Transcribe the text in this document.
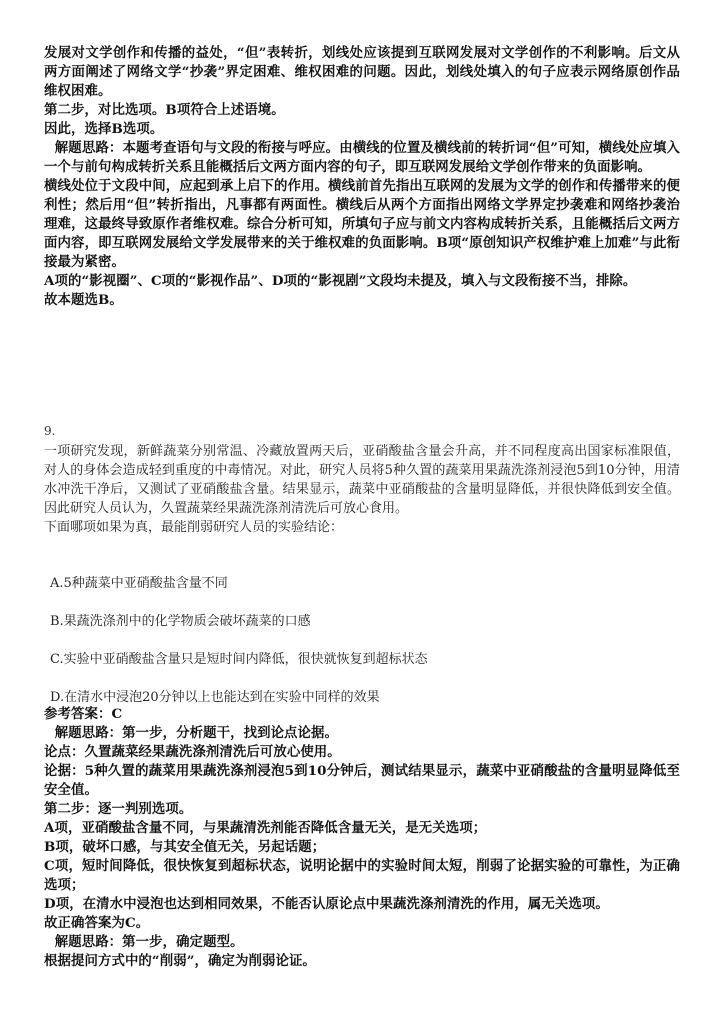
发展对文学创作和传播的益处，“但”表转折，划线处应该提到互联网发展对文学创作的不利影响。后文从两方面阐述了网络文学“抄袭”界定困难、维权困难的问题。因此，划线处填入的句子应表示网络原创作品维权困难。

第二步，对比选项。B项符合上述语境。

因此，选择B选项。

解题思路：本题考查语句与文段的衔接与呼应。由横线的位置及横线前的转折词“但”可知，横线处应填入一个与前句构成转折关系且能概括后文两方面内容的句子，即互联网发展给文学创作带来的负面影响。

横线处位于文段中间，应起到承上启下的作用。横线前首先指出互联网的发展为文学的创作和传播带来的便利性；然后用“但”转折指出，凡事都有两面性。横线后从两个方面指出网络文学界定抄袭难和网络抄袭治理难，这最终导致原作者维权难。综合分析可知，所填句子应与前文内容构成转折关系，且能概括后文两方面内容，即互联网发展给文学发展带来的关于维权难的负面影响。B项“原创知识产权维护难上加难”与此衔接最为紧密。

A项的“影视圈”、C项的“影视作品”、D项的“影视剧”文段均未提及，填入与文段衔接不当，排除。

故本题选B。

9.

一项研究发现，新鲜蔬菜分别常温、冷藏放置两天后，亚硝酸盐含量会升高，并不同程度高出国家标准限值，对人的身体会造成轻到重度的中毒情况。对此，研究人员将5种久置的蔬菜用果蔬洗涤剂浸泡5到10分钟，用清水冲洗干净后，又测试了亚硝酸盐含量。结果显示，蔬菜中亚硝酸盐的含量明显降低，并很快降低到安全值。因此研究人员认为，久置蔬菜经果蔬洗涤剂清洗后可放心食用。

下面哪项如果为真，最能削弱研究人员的实验结论：

A.5种蔬菜中亚硝酸盐含量不同
B.果蔬洗涤剂中的化学物质会破坏蔬菜的口感
C.实验中亚硝酸盐含量只是短时间内降低，很快就恢复到超标状态
D.在清水中浸泡20分钟以上也能达到在实验中同样的效果

参考答案：C

解题思路：第一步，分析题干，找到论点论据。

论点：久置蔬菜经果蔬洗涤剂清洗后可放心使用。

论据：5种久置的蔬菜用果蔬洗涤剂浸泡5到10分钟后，测试结果显示，蔬菜中亚硝酸盐的含量明显降低至安全值。

第二步：逐一判别选项。

A项，亚硝酸盐含量不同，与果蔬清洗剂能否降低含量无关，是无关选项；

B项，破坏口感，与其安全值无关，另起话题；

C项，短时间降低，很快恢复到超标状态，说明论据中的实验时间太短，削弱了论据实验的可靠性，为正确选项；

D项，在清水中浸泡也达到相同效果，不能否认原论点中果蔬洗涤剂清洗的作用，属无关选项。

故正确答案为C。

解题思路：第一步，确定题型。

根据提问方式中的“削弱”，确定为削弱论证。
